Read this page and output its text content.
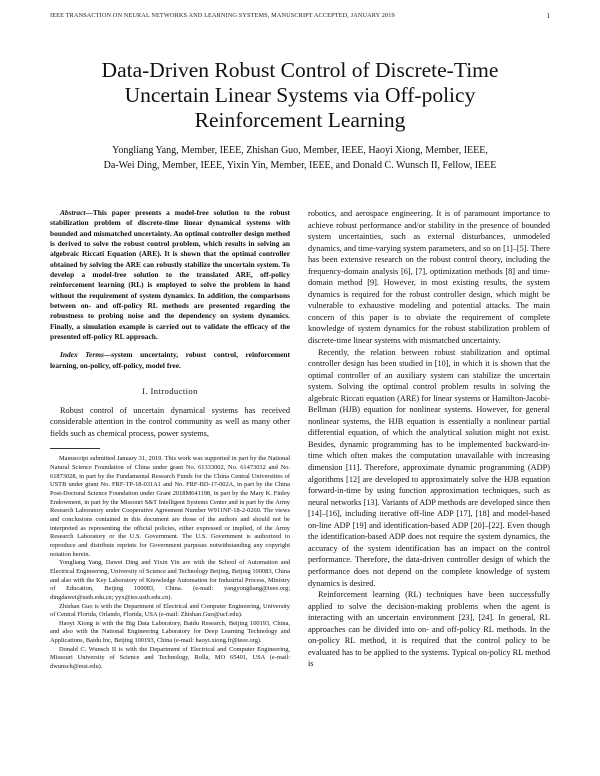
IEEE TRANSACTION ON NEURAL NETWORKS AND LEARNING SYSTEMS, MANUSCRIPT ACCEPTED, JANUARY 2019	1
Data-Driven Robust Control of Discrete-Time Uncertain Linear Systems via Off-policy Reinforcement Learning
Yongliang Yang, Member, IEEE, Zhishan Guo, Member, IEEE, Haoyi Xiong, Member, IEEE,
Da-Wei Ding, Member, IEEE, Yixin Yin, Member, IEEE, and Donald C. Wunsch II, Fellow, IEEE

Abstract—This paper presents a model-free solution to the robust stabilization problem of discrete-time linear dynamical systems with bounded and mismatched uncertainty. An optimal controller design method is derived to solve the robust control problem, which results in solving an algebraic Riccati Equation (ARE). It is shown that the optimal controller obtained by solving the ARE can robustly stabilize the uncertain system. To develop a model-free solution to the translated ARE, off-policy reinforcement learning (RL) is employed to solve the problem in hand without the requirement of system dynamics. In addition, the comparisons between on- and off-policy RL methods are presented regarding the robustness to probing noise and the dependency on system dynamics. Finally, a simulation example is carried out to validate the efficacy of the presented off-policy RL approach.

Index Terms—system uncertainty, robust control, reinforcement learning, on-policy, off-policy, model free.

I. Introduction

Robust control of uncertain dynamical systems has received considerable attention in the control community as well as many other fields such as chemical process, power systems,

Manuscript submitted January 31, 2019. This work was supported in part by the National Natural Science Foundation of China under grant No. 61333002, No. 61473032 and No. 61873028, in part by the Fundamental Research Funds for the China Central Universities of USTB under grant No. FRF-TP-18-031A1 and No. FRF-BD-17-002A, in part by the China Post-Doctoral Science Foundation under Grant 2018M641198, in part by the Mary K. Finley Endowment, in part by the Missouri S&T Intelligent Systems Center and in part by the Army Research Laboratory under Cooperative Agreement Number W911NF-18-2-0260. The views and conclusions contained in this document are those of the authors and should not be interpreted as representing the official policies, either expressed or implied, of the Army Research Laboratory or the U.S. Government. The U.S. Government is authorized to reproduce and distribute reprints for Government purposes notwithstanding any copyright notation herein.

Yongliang Yang, Dawei Ding and Yixin Yin are with the School of Automation and Electrical Engineering, University of Science and Technology Beijing, Beijing 100083, China and also with the Key Laboratory of Knowledge Automation for Industrial Process, Ministry of Education, Beijing 100083, China. (e-mail: yangyongliang@ieee.org; dingdawei@ustb.edu.cn; yyx@ies.ustb.edu.cn).

Zhishan Guo is with the Department of Electrical and Computer Engineering, University of Central Florida, Orlando, Florida, USA (e-mail: Zhishan.Guo@ucf.edu).

Haoyi Xiong is with the Big Data Laboratory, Baidu Research, Beijing 100193, China, and also with the National Engineering Laboratory for Deep Learning Technology and Applications, Baidu Inc, Beijing 100193, China (e-mail: haoyi.xiong.fr@ieee.org).

Donald C. Wunsch II is with the Department of Electrical and Computer Engineering, Missouri University of Science and Technology, Rolla, MO 65401, USA (e-mail: dwunsch@mst.edu).

robotics, and aerospace engineering. It is of paramount importance to achieve robust performance and/or stability in the presence of bounded system uncertainties, such as external disturbances, unmodeled dynamics, and time-varying system parameters, and so on [1]–[5]. There has been extensive research on the robust control theory, including the frequency-domain analysis [6], [7], optimization methods [8] and time-domain method [9]. However, in most existing results, the system dynamics is required for the robust controller design, which might be vulnerable to exhaustive modeling and potential attacks. The main concern of this paper is to obviate the requirement of complete knowledge of system dynamics for the robust stabilization problem of discrete-time linear systems with mismatched uncertainty.

Recently, the relation between robust stabilization and optimal controller design has been studied in [10], in which it is shown that the optimal controller of an auxiliary system can stabilize the uncertain system. Solving the optimal control problem results in solving the algebraic Riccati equation (ARE) for linear systems or Hamilton-Jacobi-Bellman (HJB) equation for nonlinear systems. However, for general nonlinear systems, the HJB equation is essentially a nonlinear partial differential equation, of which the analytical solution might not exist. Besides, dynamic programming has to be implemented backward-in-time which often makes the computation unavailable with increasing dimension [11]. Therefore, approximate dynamic programming (ADP) algorithms [12] are developed to approximately solve the HJB equation forward-in-time by using function approximation techniques, such as neural networks [13]. Variants of ADP methods are developed since then [14]–[16], including iterative off-line ADP [17], [18] and model-based on-line ADP [19] and identification-based ADP [20]–[22]. Even though the identification-based ADP does not require the system dynamics, the accuracy of the system identification has an impact on the control performance. Therefore, the data-driven controller design of which the performance does not depend on the complete knowledge of system dynamics is desired.

Reinforcement learning (RL) techniques have been successfully applied to solve the decision-making problems when the agent is interacting with an uncertain environment [23], [24]. In general, RL approaches can be divided into on- and off-policy RL methods. In the on-policy RL method, it is required that the control policy to be evaluated has to be applied to the systems. Typical on-policy RL method is
